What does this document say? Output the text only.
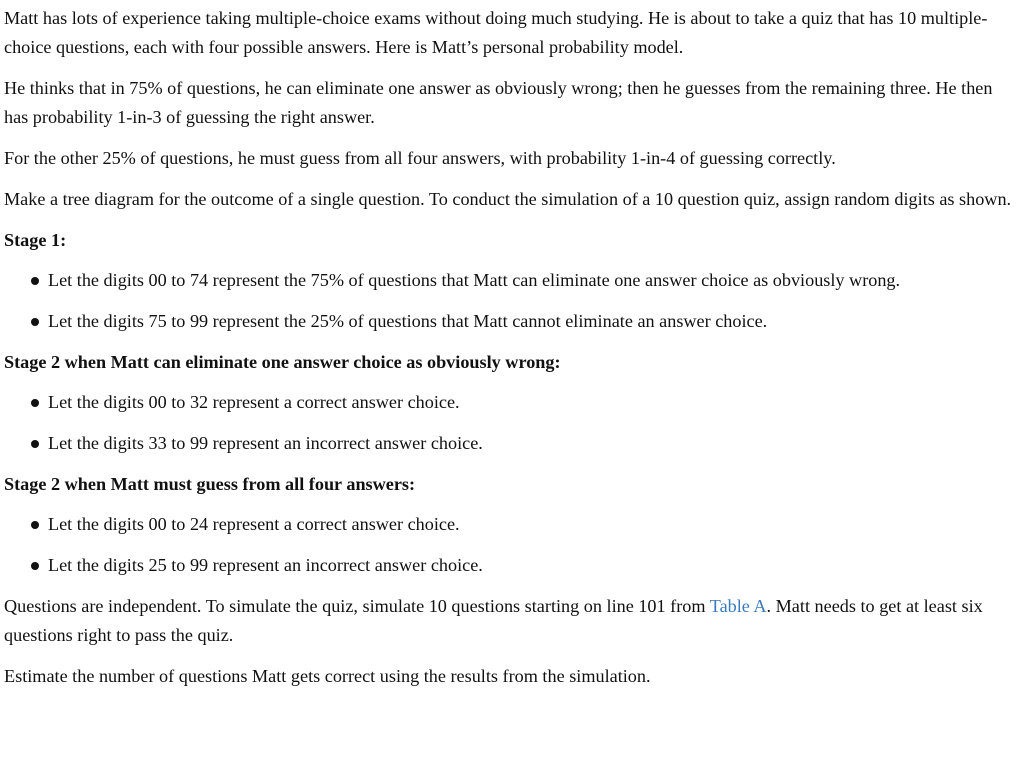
Matt has lots of experience taking multiple-choice exams without doing much studying. He is about to take a quiz that has 10 multiple-choice questions, each with four possible answers. Here is Matt’s personal probability model.

He thinks that in 75% of questions, he can eliminate one answer as obviously wrong; then he guesses from the remaining three. He then has probability 1-in-3 of guessing the right answer.

For the other 25% of questions, he must guess from all four answers, with probability 1-in-4 of guessing correctly.

Make a tree diagram for the outcome of a single question. To conduct the simulation of a 10 question quiz, assign random digits as shown.

Stage 1:
Let the digits 00 to 74 represent the 75% of questions that Matt can eliminate one answer choice as obviously wrong.
Let the digits 75 to 99 represent the 25% of questions that Matt cannot eliminate an answer choice.
Stage 2 when Matt can eliminate one answer choice as obviously wrong:
Let the digits 00 to 32 represent a correct answer choice.
Let the digits 33 to 99 represent an incorrect answer choice.
Stage 2 when Matt must guess from all four answers:
Let the digits 00 to 24 represent a correct answer choice.
Let the digits 25 to 99 represent an incorrect answer choice.

Questions are independent. To simulate the quiz, simulate 10 questions starting on line 101 from Table A. Matt needs to get at least six questions right to pass the quiz.

Estimate the number of questions Matt gets correct using the results from the simulation.
